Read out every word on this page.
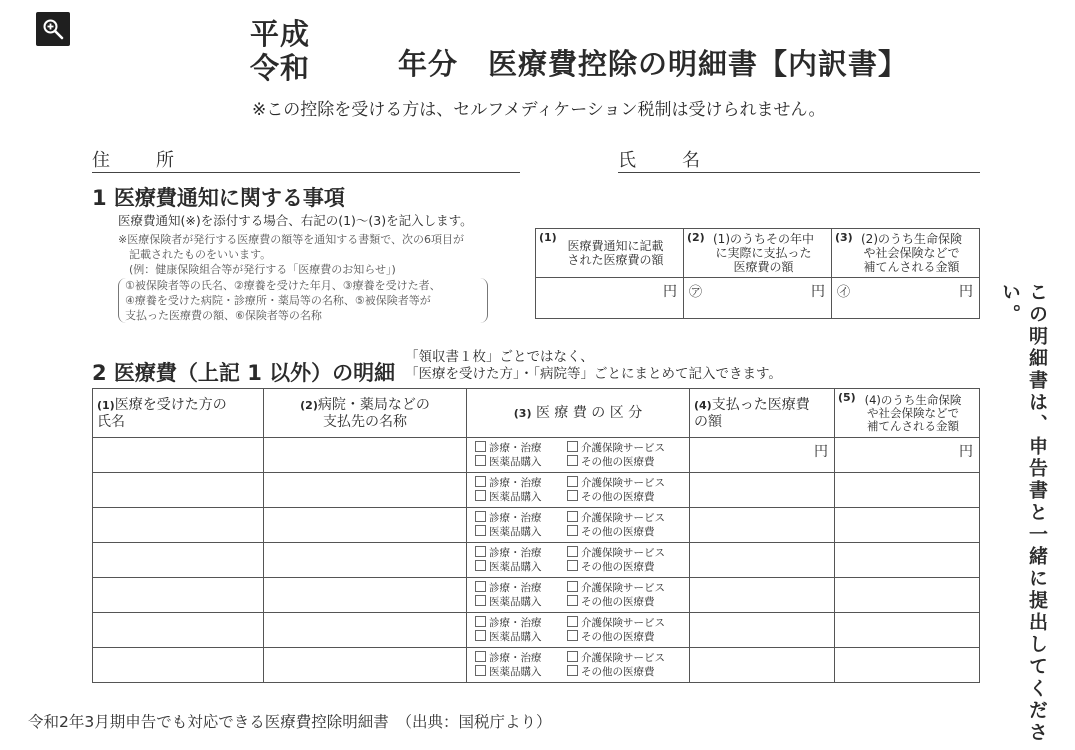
平成
令和	年分　医療費控除の明細書【内訳書】
※この控除を受ける方は、セルフメディケーション税制は受けられません。
住　所	氏　名
1 医療費通知に関する事項
医療費通知(※)を添付する場合、右記の(1)〜(3)を記入します。
※医療保険者が発行する医療費の額等を通知する書類で、次の6項目が
　記載されたものをいいます。
　(例：健康保険組合等が発行する「医療費のお知らせ」)
①被保険者等の氏名、②療養を受けた年月、③療養を受けた者、
④療養を受けた病院・診療所・薬局等の名称、⑤被保険者等が
支払った医療費の額、⑥保険者等の名称
(1)
医療費通知に記載
された医療費の額	(2) (1)のうちその年中
に実際に支払った
医療費の額	(3) (2)のうち生命保険
や社会保険などで
補てんされる金額

円	㋐ 円	㋑ 円
2 医療費（上記 1 以外）の明細
「領収書１枚」ごとではなく、
「医療を受けた方」・「病院等」ごとにまとめて記入できます。
(1)医療を受けた方の
氏名	(2)病院・薬局などの
支払先の名称	(3) 医 療 費 の 区 分	(4)支払った医療費
の額	(5) (4)のうち生命保険
や社会保険などで
補てんされる金額

		診療・治療 介護保険サービス
医薬品購入 その他の医療費	円	円

		診療・治療 介護保険サービス
医薬品購入 その他の医療費		

		診療・治療 介護保険サービス
医薬品購入 その他の医療費		

		診療・治療 介護保険サービス
医薬品購入 その他の医療費		

		診療・治療 介護保険サービス
医薬品購入 その他の医療費		

		診療・治療 介護保険サービス
医薬品購入 その他の医療費		

		診療・治療 介護保険サービス
医薬品購入 その他の医療費		
			この明細書は、申告書と一緒に提出してください。
令和2年3月期申告でも対応できる医療費控除明細書　（出典：国税庁より）
